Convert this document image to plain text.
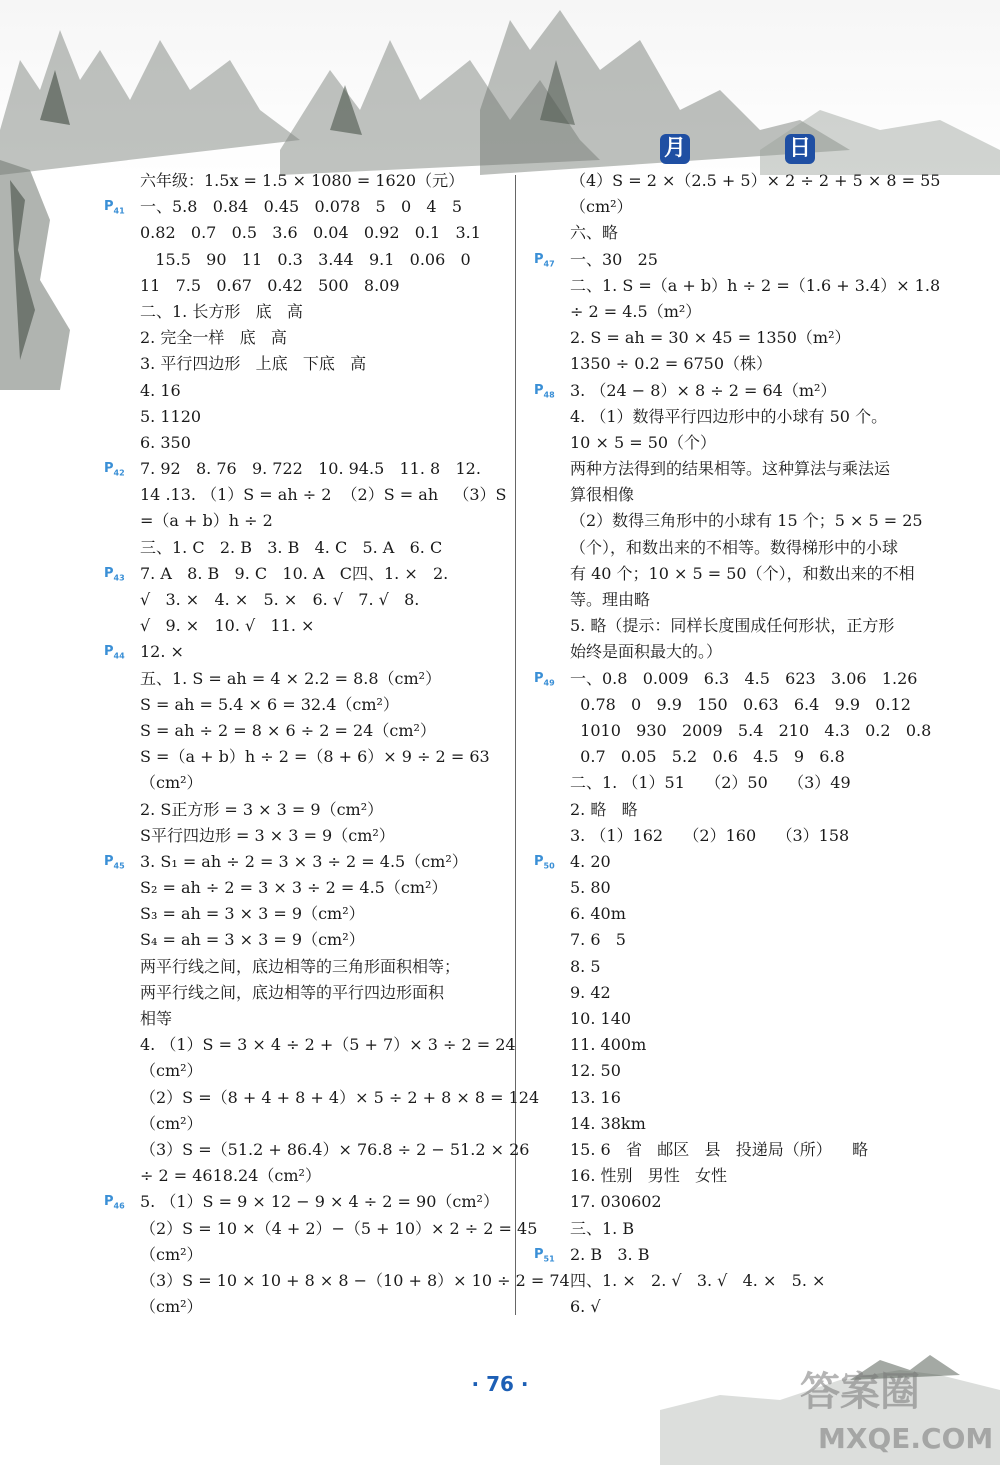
月	日
六年级：1.5x = 1.5 × 1080 = 1620（元）
$P_{41}$ 一、5.8   0.84   0.45   0.078   5   0   4   5
0.82   0.7   0.5   3.6   0.04   0.92   0.1   3.1
15.5   90   11   0.3   3.44   9.1   0.06   0
11   7.5   0.67   0.42   500   8.09
二、1. 长方形   底   高
2. 完全一样   底   高
3. 平行四边形   上底   下底   高
4. 16
5. 1120
6. 350
$P_{42}$ 7. 92   8. 76   9. 722   10. 94.5   11. 8   12.
14 .13. （1）S = ah ÷ 2  （2）S = ah   （3）S
=（a + b）h ÷ 2
三、1. C   2. B   3. B   4. C   5. A   6. C
$P_{43}$ 7. A   8. B   9. C   10. A   C四、1. ×   2.
√   3. ×   4. ×   5. ×   6. √   7. √   8.
√   9. ×   10. √   11. ×
$P_{44}$ 12. ×
五、1. S = ah = 4 × 2.2 = 8.8（cm²）
S = ah = 5.4 × 6 = 32.4（cm²）
S = ah ÷ 2 = 8 × 6 ÷ 2 = 24（cm²）
S =（a + b）h ÷ 2 =（8 + 6）× 9 ÷ 2 = 63
（cm²）
2. S正方形 = 3 × 3 = 9（cm²）
S平行四边形 = 3 × 3 = 9（cm²）
$P_{45}$ 3. S₁ = ah ÷ 2 = 3 × 3 ÷ 2 = 4.5（cm²）
S₂ = ah ÷ 2 = 3 × 3 ÷ 2 = 4.5（cm²）
S₃ = ah = 3 × 3 = 9（cm²）
S₄ = ah = 3 × 3 = 9（cm²）
两平行线之间，底边相等的三角形面积相等；
两平行线之间，底边相等的平行四边形面积
相等
4. （1）S = 3 × 4 ÷ 2 +（5 + 7）× 3 ÷ 2 = 24
（cm²）
（2）S =（8 + 4 + 8 + 4）× 5 ÷ 2 + 8 × 8 = 124
（cm²）
（3）S =（51.2 + 86.4）× 76.8 ÷ 2 − 51.2 × 26
÷ 2 = 4618.24（cm²）
$P_{46}$ 5. （1）S = 9 × 12 − 9 × 4 ÷ 2 = 90（cm²）
（2）S = 10 ×（4 + 2）−（5 + 10）× 2 ÷ 2 = 45
（cm²）
（3）S = 10 × 10 + 8 × 8 −（10 + 8）× 10 ÷ 2 = 74
（cm²）
（4）S = 2 ×（2.5 + 5）× 2 ÷ 2 + 5 × 8 = 55
（cm²）
六、略
$P_{47}$ 一、30   25
二、1. S =（a + b）h ÷ 2 =（1.6 + 3.4）× 1.8
÷ 2 = 4.5（m²）
2. S = ah = 30 × 45 = 1350（m²）
1350 ÷ 0.2 = 6750（株）
$P_{48}$ 3. （24 − 8）× 8 ÷ 2 = 64（m²）
4. （1）数得平行四边形中的小球有 50 个。
10 × 5 = 50（个）
两种方法得到的结果相等。这种算法与乘法运
算很相像
（2）数得三角形中的小球有 15 个；5 × 5 = 25
（个），和数出来的不相等。数得梯形中的小球
有 40 个；10 × 5 = 50（个），和数出来的不相
等。理由略
5. 略（提示：同样长度围成任何形状，正方形
始终是面积最大的。）
$P_{49}$ 一、0.8   0.009   6.3   4.5   623   3.06   1.26
0.78   0   9.9   150   0.63   6.4   9.9   0.12
1010   930   2009   5.4   210   4.3   0.2   0.8
0.7   0.05   5.2   0.6   4.5   9   6.8
二、1. （1）51    （2）50    （3）49
2. 略   略
3. （1）162    （2）160    （3）158
$P_{50}$ 4. 20
5. 80
6. 40m
7. 6   5
8. 5
9. 42
10. 140
11. 400m
12. 50
13. 16
14. 38km
15. 6   省   邮区   县   投递局（所）    略
16. 性别   男性   女性
17. 030602
三、1. B
$P_{51}$ 2. B   3. B
四、1. ×   2. √   3. √   4. ×   5. ×
6. √
答案圈
MXQE.COM
· 76 ·
